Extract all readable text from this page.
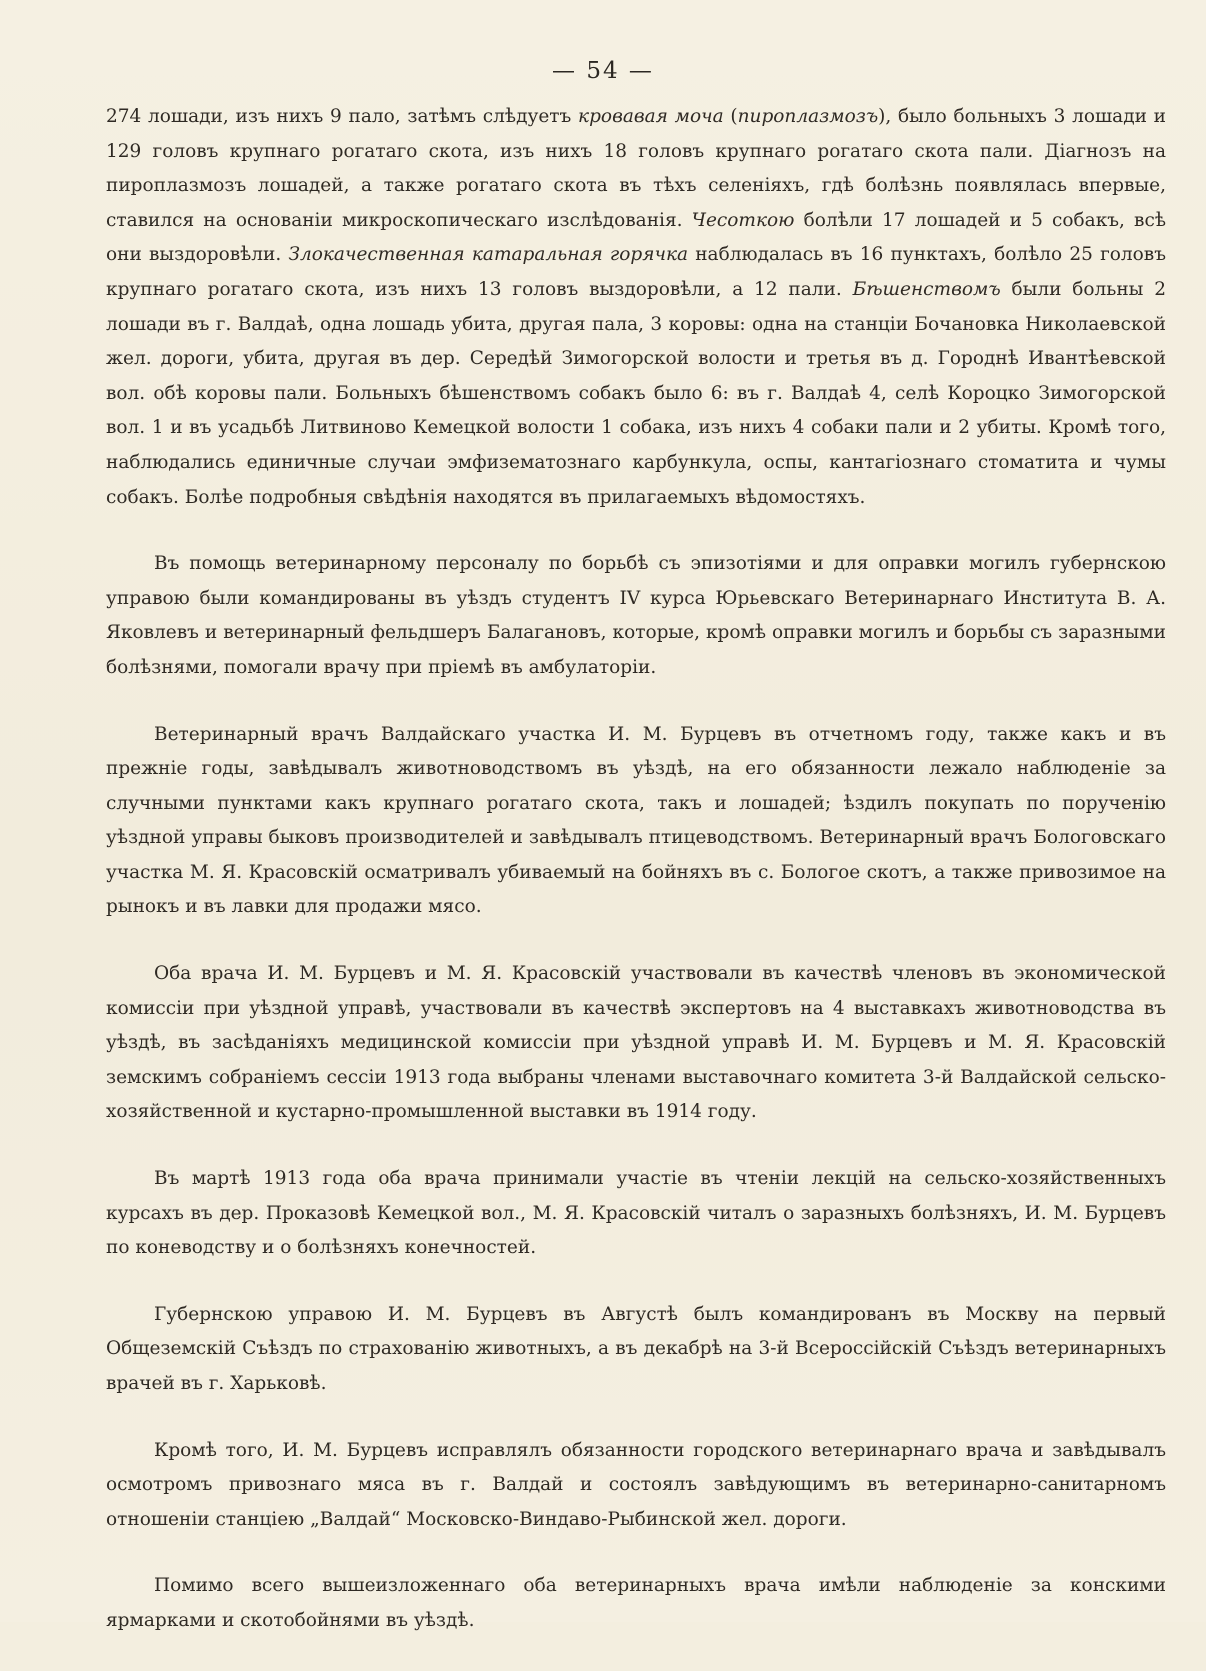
— 54 —

274 лошади, изъ нихъ 9 пало, затѣмъ слѣдуетъ кровавая моча (пироплазмозъ), было больныхъ 3 лошади и 129 головъ крупнаго рогатаго скота, изъ нихъ 18 головъ крупнаго рогатаго скота пали. Діагнозъ на пироплазмозъ лошадей, а также рогатаго скота въ тѣхъ селеніяхъ, гдѣ болѣзнь появлялась впервые, ставился на основаніи микроскопическаго изслѣдованія. Чесоткою болѣли 17 лошадей и 5 собакъ, всѣ они выздоровѣли. Злокачественная катаральная горячка наблюдалась въ 16 пунктахъ, болѣло 25 головъ крупнаго рогатаго скота, изъ нихъ 13 головъ выздоровѣли, а 12 пали. Бѣшенствомъ были больны 2 лошади въ г. Валдаѣ, одна лошадь убита, другая пала, 3 коровы: одна на станціи Бочановка Николаевской жел. дороги, убита, другая въ дер. Середѣй Зимогорской волости и третья въ д. Городнѣ Ивантѣевской вол. обѣ коровы пали. Больныхъ бѣшенствомъ собакъ было 6: въ г. Валдаѣ 4, селѣ Короцко Зимогорской вол. 1 и въ усадьбѣ Литвиново Кемецкой волости 1 собака, изъ нихъ 4 собаки пали и 2 убиты. Кромѣ того, наблюдались единичные случаи эмфизематознаго карбункула, оспы, кантагіознаго стоматита и чумы собакъ. Болѣе подробныя свѣдѣнія находятся въ прилагаемыхъ вѣдомостяхъ.

Въ помощь ветеринарному персоналу по борьбѣ съ эпизотіями и для оправки могилъ губернскою управою были командированы въ уѣздъ студентъ IV курса Юрьевскаго Ветеринарнаго Института В. А. Яковлевъ и ветеринарный фельдшеръ Балагановъ, которые, кромѣ оправки могилъ и борьбы съ заразными болѣзнями, помогали врачу при пріемѣ въ амбулаторіи.

Ветеринарный врачъ Валдайскаго участка И. М. Бурцевъ въ отчетномъ году, также какъ и въ прежніе годы, завѣдывалъ животноводствомъ въ уѣздѣ, на его обязанности лежало наблюденіе за случными пунктами какъ крупнаго рогатаго скота, такъ и лошадей; ѣздилъ покупать по порученію уѣздной управы быковъ производителей и завѣдывалъ птицеводствомъ. Ветеринарный врачъ Бологовскаго участка М. Я. Красовскій осматривалъ убиваемый на бойняхъ въ с. Бологое скотъ, а также привозимое на рынокъ и въ лавки для продажи мясо.

Оба врача И. М. Бурцевъ и М. Я. Красовскій участвовали въ качествѣ членовъ въ экономической комиссіи при уѣздной управѣ, участвовали въ качествѣ экспертовъ на 4 выставкахъ животноводства въ уѣздѣ, въ засѣданіяхъ медицинской комиссіи при уѣздной управѣ И. М. Бурцевъ и М. Я. Красовскій земскимъ собраніемъ сессіи 1913 года выбраны членами выставочнаго комитета 3-й Валдайской сельско-хозяйственной и кустарно-промышленной выставки въ 1914 году.

Въ мартѣ 1913 года оба врача принимали участіе въ чтеніи лекцій на сельско-хозяйственныхъ курсахъ въ дер. Проказовѣ Кемецкой вол., М. Я. Красовскій читалъ о заразныхъ болѣзняхъ, И. М. Бурцевъ по коневодству и о болѣзняхъ конечностей.

Губернскою управою И. М. Бурцевъ въ Августѣ былъ командированъ въ Москву на первый Общеземскій Съѣздъ по страхованію животныхъ, а въ декабрѣ на 3-й Всероссійскій Съѣздъ ветеринарныхъ врачей въ г. Харьковѣ.

Кромѣ того, И. М. Бурцевъ исправлялъ обязанности городского ветеринарнаго врача и завѣдывалъ осмотромъ привознаго мяса въ г. Валдай и состоялъ завѣдующимъ въ ветеринарно-санитарномъ отношеніи станціею „Валдай“ Московско-Виндаво-Рыбинской жел. дороги.

Помимо всего вышеизложеннаго оба ветеринарныхъ врача имѣли наблюденіе за конскими ярмарками и скотобойнями въ уѣздѣ.
